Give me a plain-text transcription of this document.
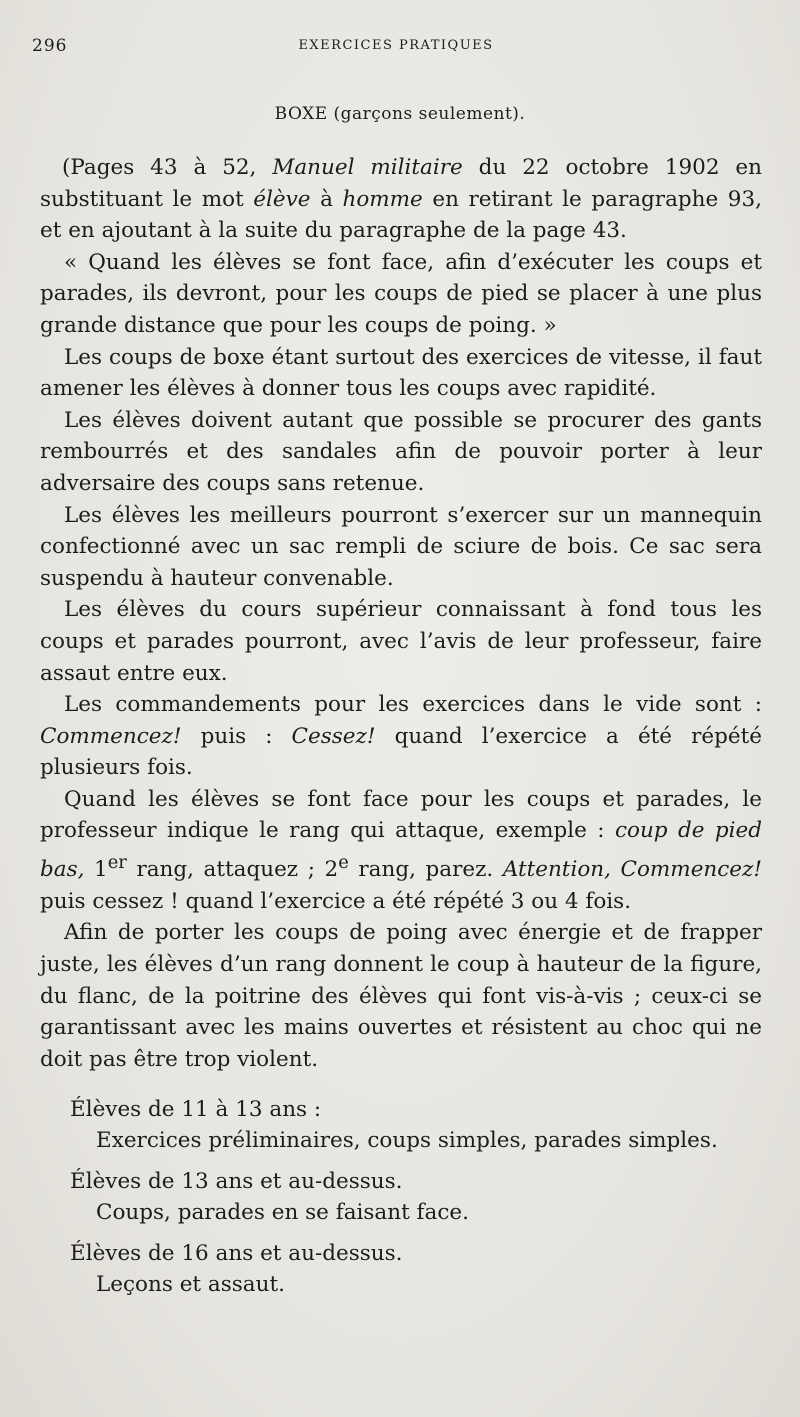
296	EXERCICES PRATIQUES
BOXE (garçons seulement).

(Pages 43 à 52, Manuel militaire du 22 octobre 1902 en substituant le mot élève à homme en retirant le paragraphe 93, et en ajoutant à la suite du paragraphe de la page 43.

« Quand les élèves se font face, afin d’exécuter les coups et parades, ils devront, pour les coups de pied se placer à une plus grande distance que pour les coups de poing. »

Les coups de boxe étant surtout des exercices de vitesse, il faut amener les élèves à donner tous les coups avec rapidité.

Les élèves doivent autant que possible se procurer des gants rembourrés et des sandales afin de pouvoir porter à leur adversaire des coups sans retenue.

Les élèves les meilleurs pourront s’exercer sur un mannequin confectionné avec un sac rempli de sciure de bois. Ce sac sera suspendu à hauteur convenable.

Les élèves du cours supérieur connaissant à fond tous les coups et parades pourront, avec l’avis de leur professeur, faire assaut entre eux.

Les commandements pour les exercices dans le vide sont : Commencez! puis : Cessez! quand l’exercice a été répété plusieurs fois.

Quand les élèves se font face pour les coups et parades, le professeur indique le rang qui attaque, exemple : coup de pied bas, 1er rang, attaquez ; 2e rang, parez. Attention, Commencez! puis cessez ! quand l’exercice a été répété 3 ou 4 fois.

Afin de porter les coups de poing avec énergie et de frapper juste, les élèves d’un rang donnent le coup à hauteur de la figure, du flanc, de la poitrine des élèves qui font vis-à-vis ; ceux-ci se garantissant avec les mains ouvertes et résistent au choc qui ne doit pas être trop violent.

Élèves de 11 à 13 ans :

Exercices préliminaires, coups simples, parades simples.

Élèves de 13 ans et au-dessus.

Coups, parades en se faisant face.

Élèves de 16 ans et au-dessus.

Leçons et assaut.
